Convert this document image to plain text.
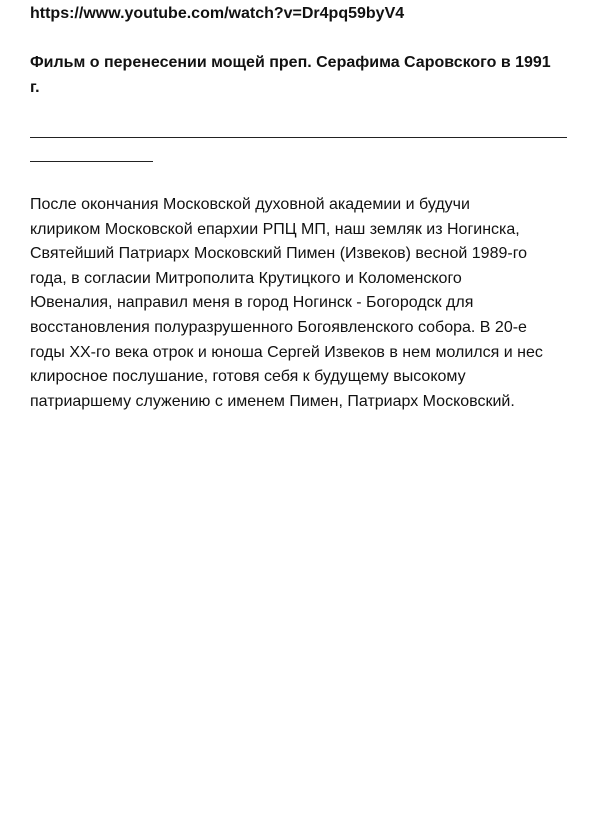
https://www.youtube.com/watch?v=Dr4pq59byV4
Фильм о перенесении мощей преп. Серафима Саровского в 1991
г.
После окончания Московской духовной академии и будучи
клириком Московской епархии РПЦ МП, наш земляк из Ногинска,
Святейший Патриарх Московский Пимен (Извеков) весной 1989-го
года, в согласии Митрополита Крутицкого и Коломенского
Ювеналия, направил меня в город Ногинск - Богородск для
восстановления полуразрушенного Богоявленского собора. В 20-е
годы ХХ-го века отрок и юноша Сергей Извеков в нем молился и нес
клиросное послушание, готовя себя к будущему высокому
патриаршему служению с именем Пимен, Патриарх Московский.
